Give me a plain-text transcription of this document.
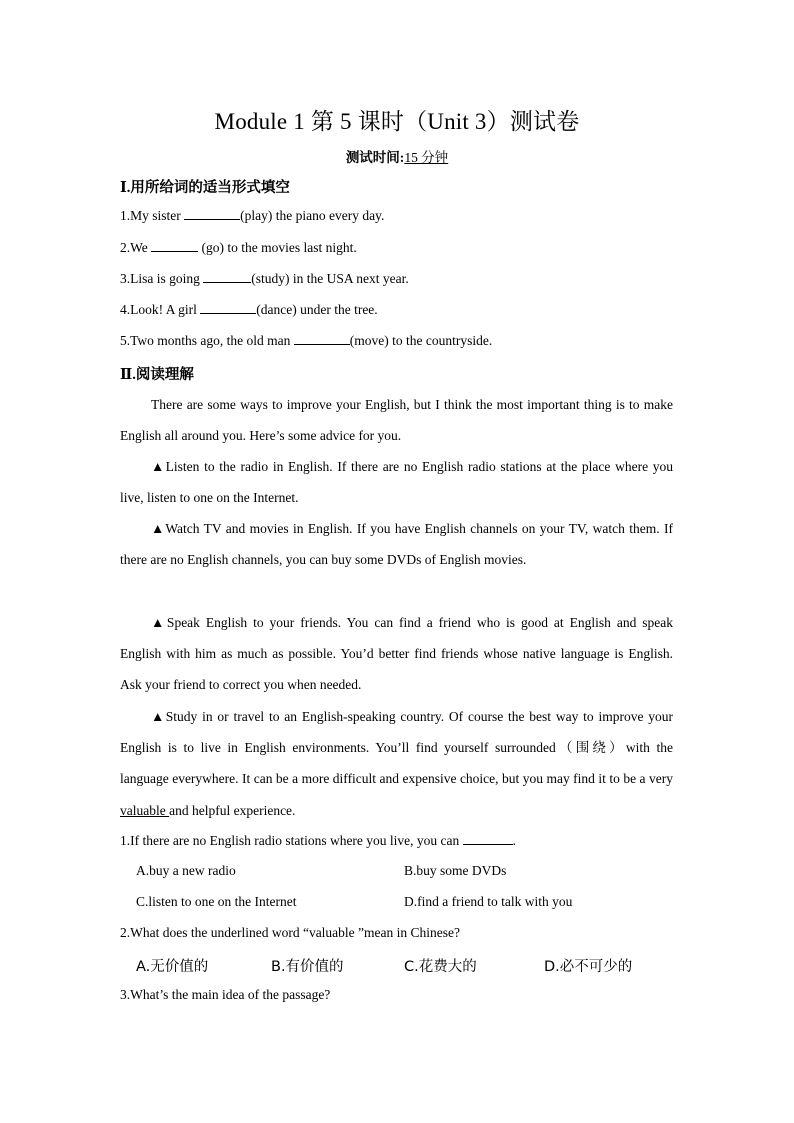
Module 1 第 5 课时（Unit 3）测试卷
测试时间:15 分钟
Ⅰ.用所给词的适当形式填空
1.My sister	(play) the piano every day.
2.We	(go) to the movies last night.
3.Lisa is going	(study) in the USA next year.
4.Look! A girl	(dance) under the tree.
5.Two months ago, the old man	(move) to the countryside.
Ⅱ.阅读理解
There are some ways to improve your English, but I think the most important thing is to make English all around you. Here’s some advice for you.
▲Listen to the radio in English. If there are no English radio stations at the place where you live, listen to one on the Internet.
▲Watch TV and movies in English. If you have English channels on your TV, watch them. If there are no English channels, you can buy some DVDs of English movies.
▲Speak English to your friends. You can find a friend who is good at English and speak English with him as much as possible. You’d better find friends whose native language is English. Ask your friend to correct you when needed.
▲Study in or travel to an English-speaking country. Of course the best way to improve your English is to live in English environments. You’ll find yourself surrounded（围绕）with the language everywhere. It can be a more difficult and expensive choice, but you may find it to be a very valuable and helpful experience.
1.If there are no English radio stations where you live, you can	.
A.buy a new radio	B.buy some DVDs
C.listen to one on the Internet	D.find a friend to talk with you
2.What does the underlined word “valuable ”mean in Chinese?
A.无价值的	B.有价值的	C.花费大的	D.必不可少的
3.What’s the main idea of the passage?
